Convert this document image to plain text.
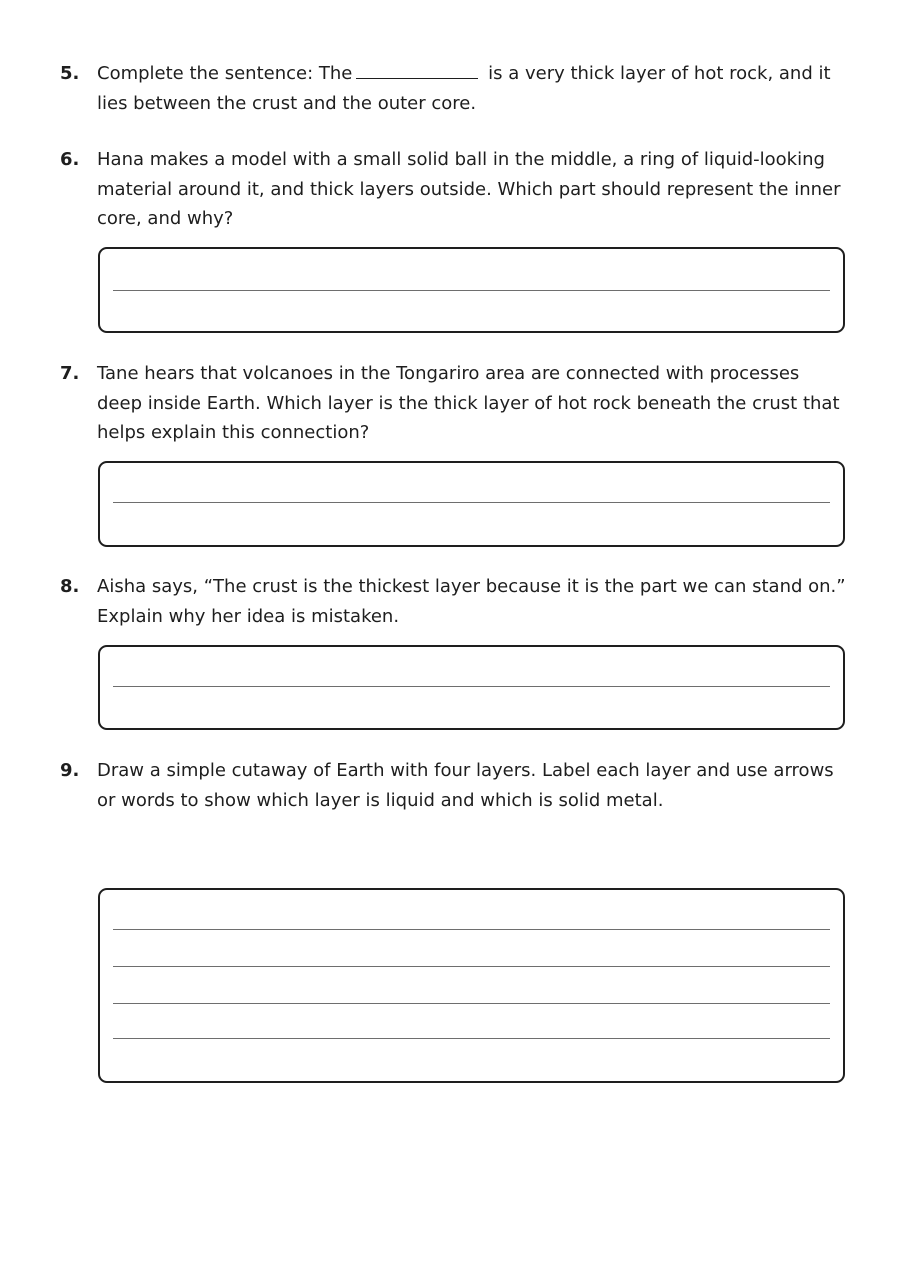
5. Complete the sentence: The	is a very thick layer of hot rock, and it lies between the crust and the outer core.
6. Hana makes a model with a small solid ball in the middle, a ring of liquid-looking material around it, and thick layers outside. Which part should represent the inner core, and why?
7. Tane hears that volcanoes in the Tongariro area are connected with processes deep inside Earth. Which layer is the thick layer of hot rock beneath the crust that helps explain this connection?
8. Aisha says, “The crust is the thickest layer because it is the part we can stand on.” Explain why her idea is mistaken.
9. Draw a simple cutaway of Earth with four layers. Label each layer and use arrows or words to show which layer is liquid and which is solid metal.
